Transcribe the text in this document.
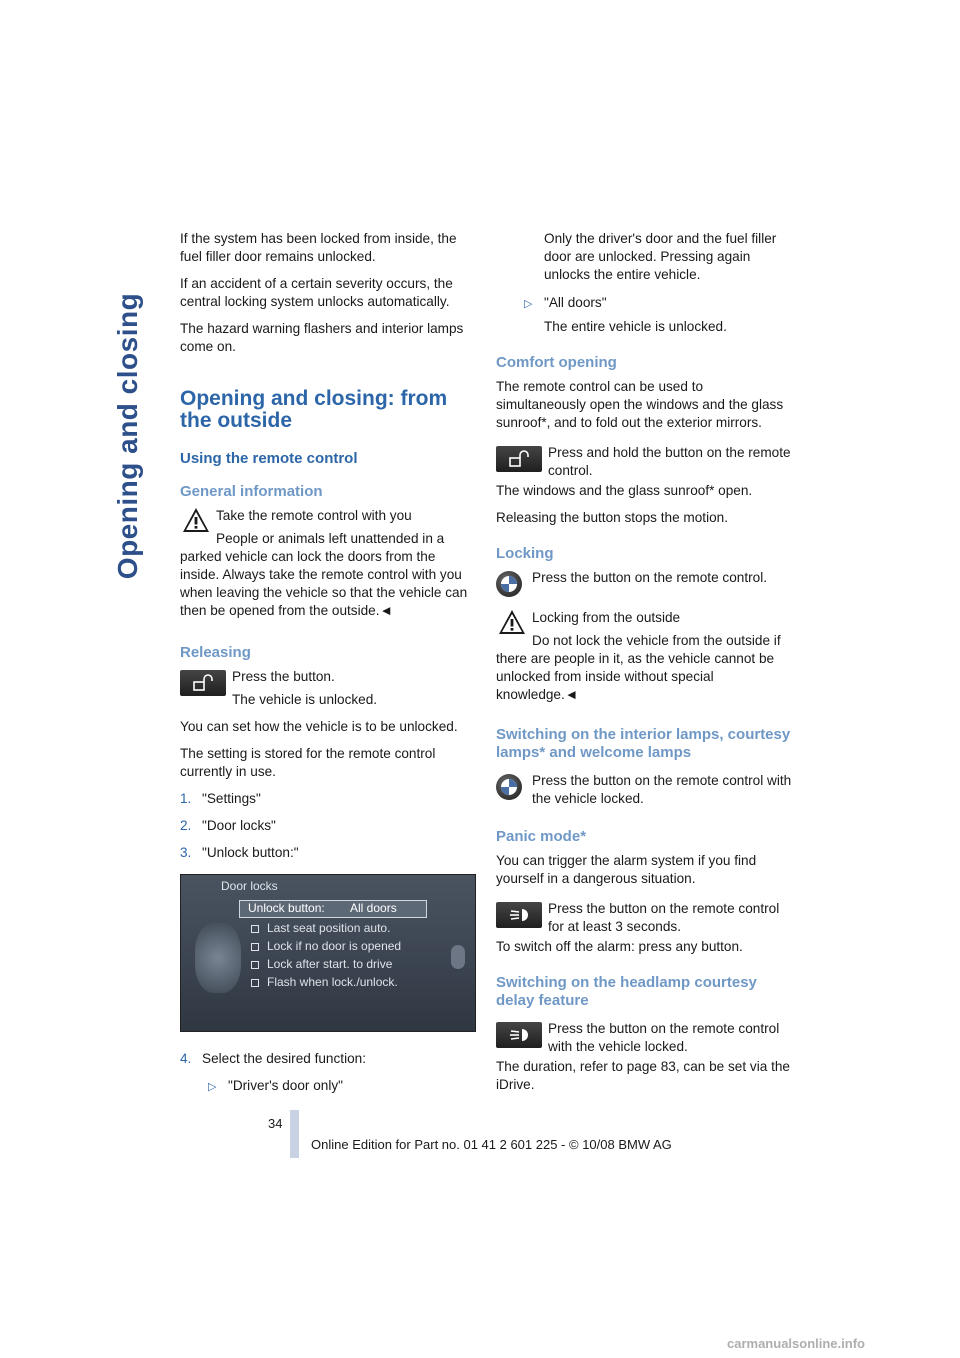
Opening and closing

If the system has been locked from inside, the fuel filler door remains unlocked.

If an accident of a certain severity occurs, the central locking system unlocks automatically.

The hazard warning flashers and interior lamps come on.

Opening and closing: from the outside
Using the remote control
General information

Take the remote control with you

People or animals left unattended in a parked vehicle can lock the doors from the inside. Always take the remote control with you when leaving the vehicle so that the vehicle can then be opened from the outside.◄

Releasing

Press the button.

The vehicle is unlocked.

You can set how the vehicle is to be unlocked.

The setting is stored for the remote control currently in use.

1. "Settings"

2. "Door locks"

3. "Unlock button:"

Door locks
Unlock button: All doors
Last seat position auto.
Lock if no door is opened
Lock after start. to drive
Flash when lock./unlock.

4. Select the desired function:

▷ "Driver's door only"

Only the driver's door and the fuel filler door are unlocked. Pressing again unlocks the entire vehicle.

▷ "All doors"

The entire vehicle is unlocked.

Comfort opening

The remote control can be used to simultaneously open the windows and the glass sunroof*, and to fold out the exterior mirrors.

Press and hold the button on the remote control.

The windows and the glass sunroof* open.

Releasing the button stops the motion.

Locking

Press the button on the remote control.

Locking from the outside

Do not lock the vehicle from the outside if there are people in it, as the vehicle cannot be unlocked from inside without special knowledge.◄

Switching on the interior lamps, courtesy lamps* and welcome lamps

Press the button on the remote control with the vehicle locked.

Panic mode*

You can trigger the alarm system if you find yourself in a dangerous situation.

Press the button on the remote control for at least 3 seconds.

To switch off the alarm: press any button.

Switching on the headlamp courtesy delay feature

Press the button on the remote control with the vehicle locked.

The duration, refer to page 83, can be set via the iDrive.

34
Online Edition for Part no. 01 41 2 601 225 - © 10/08 BMW AG
carmanualsonline.info
